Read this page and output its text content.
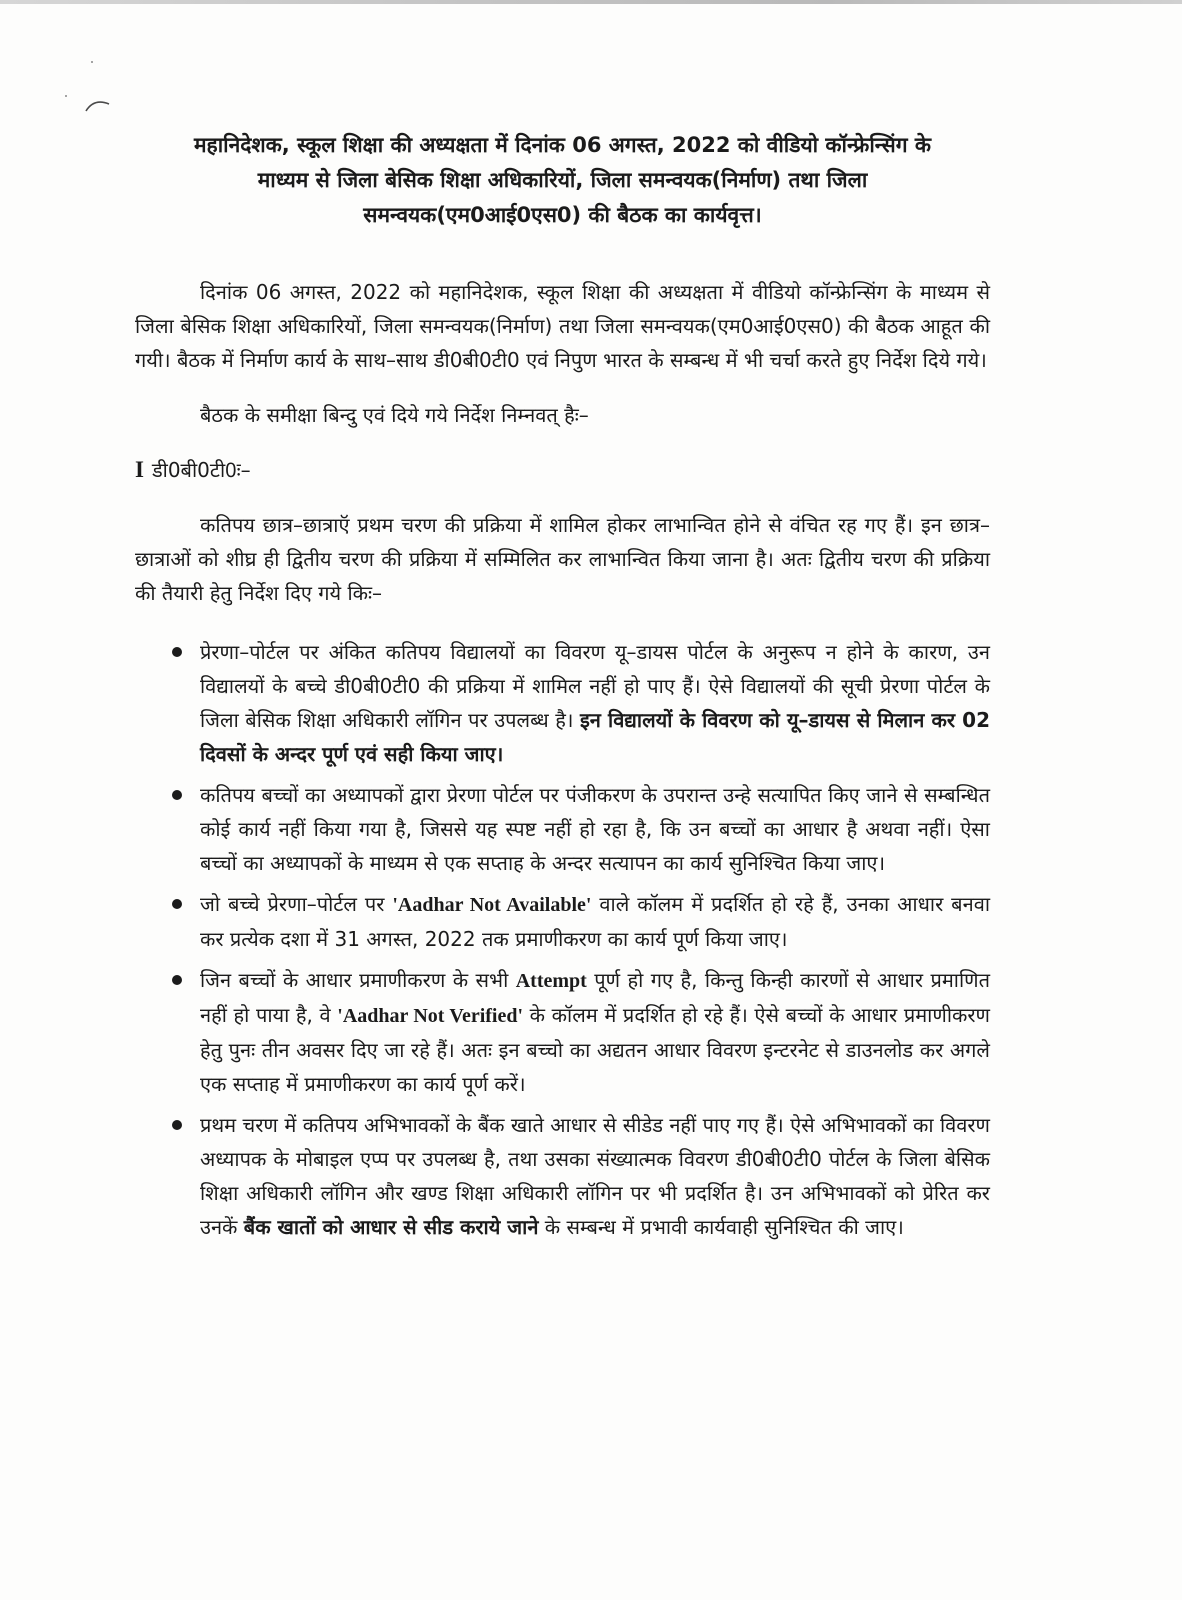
महानिदेशक, स्कूल शिक्षा की अध्यक्षता में दिनांक 06 अगस्त, 2022 को वीडियो कॉन्फ्रेन्सिंग के
माध्यम से जिला बेसिक शिक्षा अधिकारियों, जिला समन्वयक(निर्माण) तथा जिला
समन्वयक(एम0आई0एस0) की बैठक का कार्यवृत्त।

दिनांक 06 अगस्त, 2022 को महानिदेशक, स्कूल शिक्षा की अध्यक्षता में वीडियो कॉन्फ्रेन्सिंग के माध्यम से जिला बेसिक शिक्षा अधिकारियों, जिला समन्वयक(निर्माण) तथा जिला समन्वयक(एम0आई0एस0) की बैठक आहूत की गयी। बैठक में निर्माण कार्य के साथ–साथ डी0बी0टी0 एवं निपुण भारत के सम्बन्ध में भी चर्चा करते हुए निर्देश दिये गये।

बैठक के समीक्षा बिन्दु एवं दिये गये निर्देश निम्नवत् हैः–

I डी0बी0टी0ः–

कतिपय छात्र–छात्राऍ प्रथम चरण की प्रक्रिया में शामिल होकर लाभान्वित होने से वंचित रह गए हैं। इन छात्र–छात्राओं को शीघ्र ही द्वितीय चरण की प्रक्रिया में सम्मिलित कर लाभान्वित किया जाना है। अतः द्वितीय चरण की प्रक्रिया की तैयारी हेतु निर्देश दिए गये किः–

प्रेरणा–पोर्टल पर अंकित कतिपय विद्यालयों का विवरण यू–डायस पोर्टल के अनुरूप न होने के कारण, उन विद्यालयों के बच्चे डी0बी0टी0 की प्रक्रिया में शामिल नहीं हो पाए हैं। ऐसे विद्यालयों की सूची प्रेरणा पोर्टल के जिला बेसिक शिक्षा अधिकारी लॉगिन पर उपलब्ध है। इन विद्यालयों के विवरण को यू–डायस से मिलान कर 02 दिवसों के अन्दर पूर्ण एवं सही किया जाए।
कतिपय बच्चों का अध्यापकों द्वारा प्रेरणा पोर्टल पर पंजीकरण के उपरान्त उन्हे सत्यापित किए जाने से सम्बन्धित कोई कार्य नहीं किया गया है, जिससे यह स्पष्ट नहीं हो रहा है, कि उन बच्चों का आधार है अथवा नहीं। ऐसा बच्चों का अध्यापकों के माध्यम से एक सप्ताह के अन्दर सत्यापन का कार्य सुनिश्चित किया जाए।
जो बच्चे प्रेरणा–पोर्टल पर 'Aadhar Not Available' वाले कॉलम में प्रदर्शित हो रहे हैं, उनका आधार बनवा कर प्रत्येक दशा में 31 अगस्त, 2022 तक प्रमाणीकरण का कार्य पूर्ण किया जाए।
जिन बच्चों के आधार प्रमाणीकरण के सभी Attempt पूर्ण हो गए है, किन्तु किन्ही कारणों से आधार प्रमाणित नहीं हो पाया है, वे 'Aadhar Not Verified' के कॉलम में प्रदर्शित हो रहे हैं। ऐसे बच्चों के आधार प्रमाणीकरण हेतु पुनः तीन अवसर दिए जा रहे हैं। अतः इन बच्चो का अद्यतन आधार विवरण इन्टरनेट से डाउनलोड कर अगले एक सप्ताह में प्रमाणीकरण का कार्य पूर्ण करें।
प्रथम चरण में कतिपय अभिभावकों के बैंक खाते आधार से सीडेड नहीं पाए गए हैं। ऐसे अभिभावकों का विवरण अध्यापक के मोबाइल एप्प पर उपलब्ध है, तथा उसका संख्यात्मक विवरण डी0बी0टी0 पोर्टल के जिला बेसिक शिक्षा अधिकारी लॉगिन और खण्ड शिक्षा अधिकारी लॉगिन पर भी प्रदर्शित है। उन अभिभावकों को प्रेरित कर उनकें बैंक खातों को आधार से सीड कराये जाने के सम्बन्ध में प्रभावी कार्यवाही सुनिश्चित की जाए।
